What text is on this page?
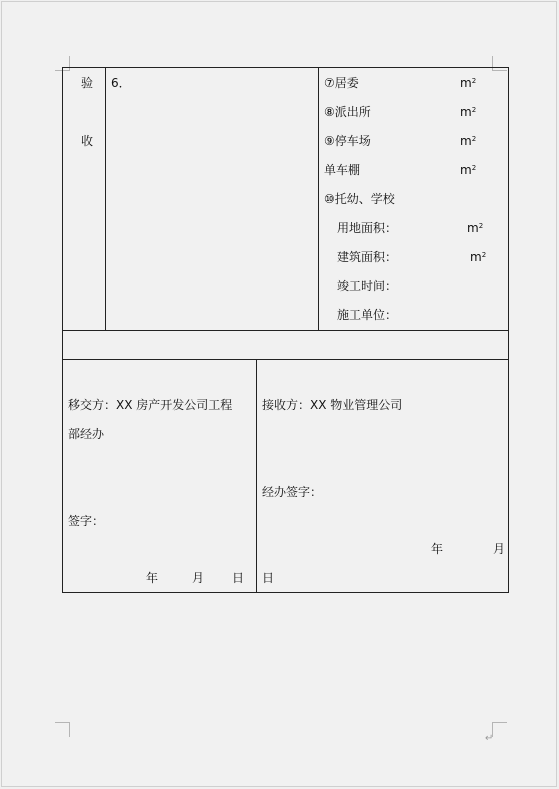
↵
验
收
6．	⑦居委	$m^2$
⑧派出所	$m^2$
⑨停车场	$m^2$
单车棚	$m^2$
⑩托幼、学校
用地面积：	$m^2$
建筑面积：	$m^2$
竣工时间：
施工单位：
移交方：XX 房产开发公司工程
部经办
签字：
年	月 日
接收方：XX 物业管理公司
经办签字：
年	月
日
